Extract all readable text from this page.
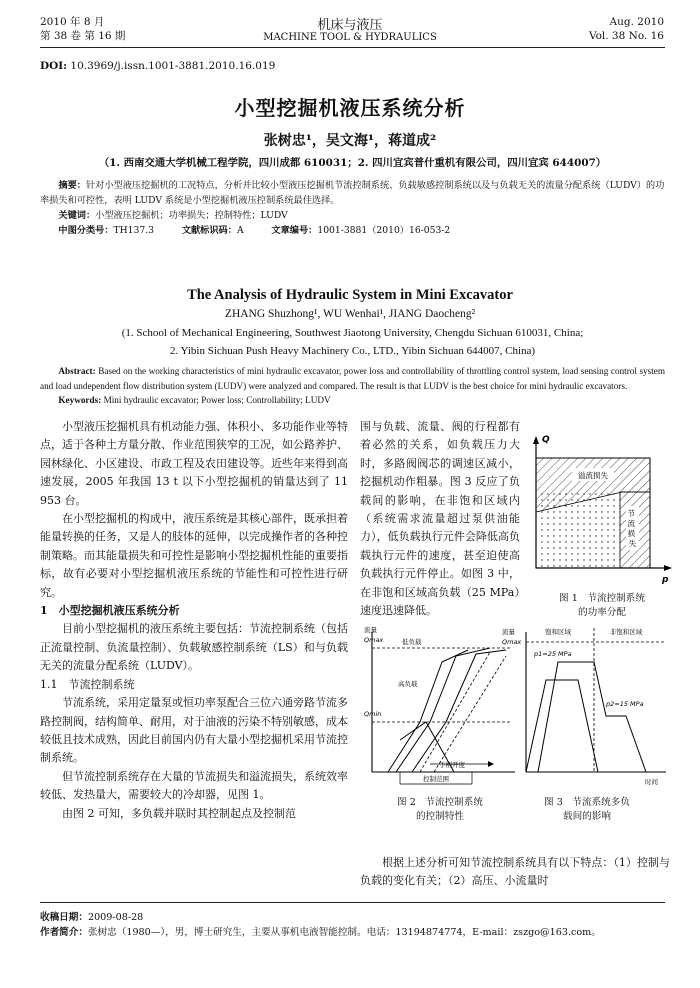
2010 年 8 月
第 38 卷 第 16 期
机床与液压
MACHINE TOOL & HYDRAULICS
Aug. 2010
Vol. 38 No. 16
DOI: 10.3969/j.issn.1001-3881.2010.16.019
小型挖掘机液压系统分析
张树忠¹，吴文海¹，蒋道成²
（1. 西南交通大学机械工程学院，四川成都 610031；2. 四川宜宾普什重机有限公司，四川宜宾 644007）
摘要：针对小型液压挖掘机的工况特点，分析并比较小型液压挖掘机节流控制系统、负载敏感控制系统以及与负载无关的流量分配系统（LUDV）的功率损失和可控性，表明 LUDV 系统是小型挖掘机液压控制系统最佳选择。
关键词：小型液压挖掘机；功率损失；控制特性；LUDV
中图分类号：TH137.3	文献标识码：A	文章编号：1001-3881（2010）16-053-2
The Analysis of Hydraulic System in Mini Excavator
ZHANG Shuzhong¹, WU Wenhai¹, JIANG Daocheng²
(1. School of Mechanical Engineering, Southwest Jiaotong University, Chengdu Sichuan 610031, China;
2. Yibin Sichuan Push Heavy Machinery Co., LTD., Yibin Sichuan 644007, China)
Abstract: Based on the working characteristics of mini hydraulic excavator, power loss and controllability of throttling control system, load sensing control system and load undependent flow distribution system (LUDV) were analyzed and compared. The result is that LUDV is the best choice for mini hydraulic excavators.
Keywords: Mini hydraulic excavator; Power loss; Controllability; LUDV

小型液压挖掘机具有机动能力强、体积小、多功能作业等特点，适于各种土方量分散、作业范围狭窄的工况，如公路养护、园林绿化、小区建设、市政工程及农田建设等。近些年来得到高速发展，2005 年我国 13 t 以下小型挖掘机的销量达到了 11 953 台。

在小型挖掘机的构成中，液压系统是其核心部件，既承担着能量转换的任务，又是人的肢体的延伸，以完成操作者的各种控制策略。而其能量损失和可控性是影响小型挖掘机性能的重要指标，故有必要对小型挖掘机液压系统的节能性和可控性进行研究。

1　小型挖掘机液压系统分析

目前小型挖掘机的液压系统主要包括：节流控制系统（包括正流量控制、负流量控制）、负载敏感控制系统（LS）和与负载无关的流量分配系统（LUDV）。

1.1　节流控制系统

节流系统，采用定量泵或恒功率泵配合三位六通旁路节流多路控制阀，结构简单、耐用，对于油液的污染不特别敏感，成本较低且技术成熟，因此目前国内仍有大量小型挖掘机采用节流控制系统。

但节流控制系统存在大量的节流损失和溢流损失，系统效率较低、发热量大，需要较大的冷却器，见图 1。

由图 2 可知，多负载并联时其控制起点及控制范

围与负载、流量、阀的行程都有着必然的关系，如负载压力大时，多路阀阀芯的调速区减小，挖掘机动作粗暴。图 3 反应了负载间的影响，在非饱和区域内（系统需求流量超过泵供油能力），低负载执行元件会降低高负载执行元件的速度，甚至迫使高负载执行元件停止。如图 3 中，在非饱和区域高负载（25 MPa）速度迅速降低。

溢流损失
节 流 损 失
Q
p
图 1　节流控制系统
的功率分配
流量
Qmax
Qmin
低负载
高负载
手柄开度
控制范围
图 2　节流控制系统
的控制特性
流量
Qmax
饱和区域	非饱和区域
p1=25 MPa
p2=15 MPa
时间
图 3　节流系统多负
载间的影响

根据上述分析可知节流控制系统具有以下特点：（1）控制与负载的变化有关；（2）高压、小流量时

收稿日期：2009-08-28
作者简介：张树忠（1980—），男，博士研究生，主要从事机电液智能控制。电话：13194874774，E-mail：zszgo@163.com。
